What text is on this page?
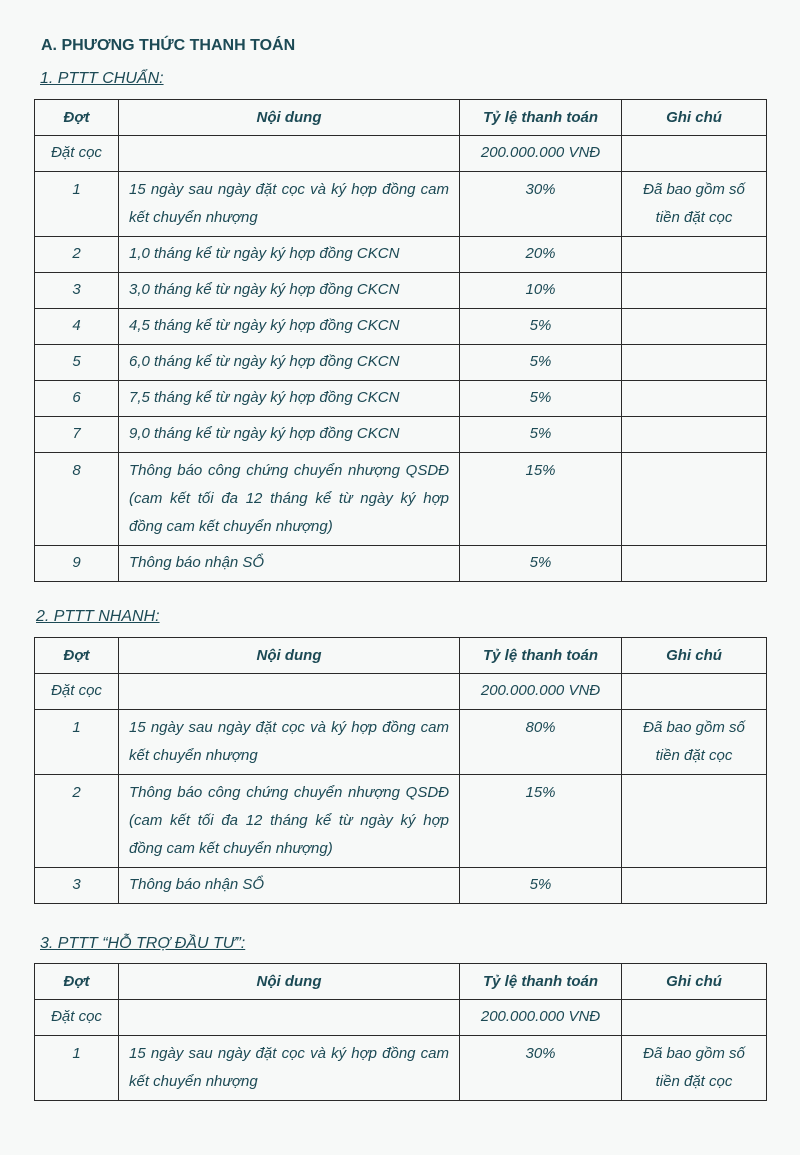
A. PHƯƠNG THỨC THANH TOÁN
1. PTTT CHUẨN:
Đợt	Nội dung	Tỷ lệ thanh toán	Ghi chú
Đặt cọc		200.000.000 VNĐ	
1	15 ngày sau ngày đặt cọc và ký hợp đồng cam kết chuyển nhượng	30%	Đã bao gồm số tiền đặt cọc
2	1,0 tháng kể từ ngày ký hợp đồng CKCN	20%	
3	3,0 tháng kể từ ngày ký hợp đồng CKCN	10%	
4	4,5 tháng kể từ ngày ký hợp đồng CKCN	5%	
5	6,0 tháng kể từ ngày ký hợp đồng CKCN	5%	
6	7,5 tháng kể từ ngày ký hợp đồng CKCN	5%	
7	9,0 tháng kể từ ngày ký hợp đồng CKCN	5%	
8	Thông báo công chứng chuyển nhượng QSDĐ (cam kết tối đa 12 tháng kể từ ngày ký hợp đồng cam kết chuyển nhượng)	15%	
9	Thông báo nhận SỔ	5%	
2. PTTT NHANH:
Đợt	Nội dung	Tỷ lệ thanh toán	Ghi chú
Đặt cọc		200.000.000 VNĐ	
1	15 ngày sau ngày đặt cọc và ký hợp đồng cam kết chuyển nhượng	80%	Đã bao gồm số tiền đặt cọc
2	Thông báo công chứng chuyển nhượng QSDĐ (cam kết tối đa 12 tháng kể từ ngày ký hợp đồng cam kết chuyển nhượng)	15%	
3	Thông báo nhận SỔ	5%	
3. PTTT “HỖ TRỢ ĐẦU TƯ”:
Đợt	Nội dung	Tỷ lệ thanh toán	Ghi chú
Đặt cọc		200.000.000 VNĐ	
1	15 ngày sau ngày đặt cọc và ký hợp đồng cam kết chuyển nhượng	30%	Đã bao gồm số tiền đặt cọc
